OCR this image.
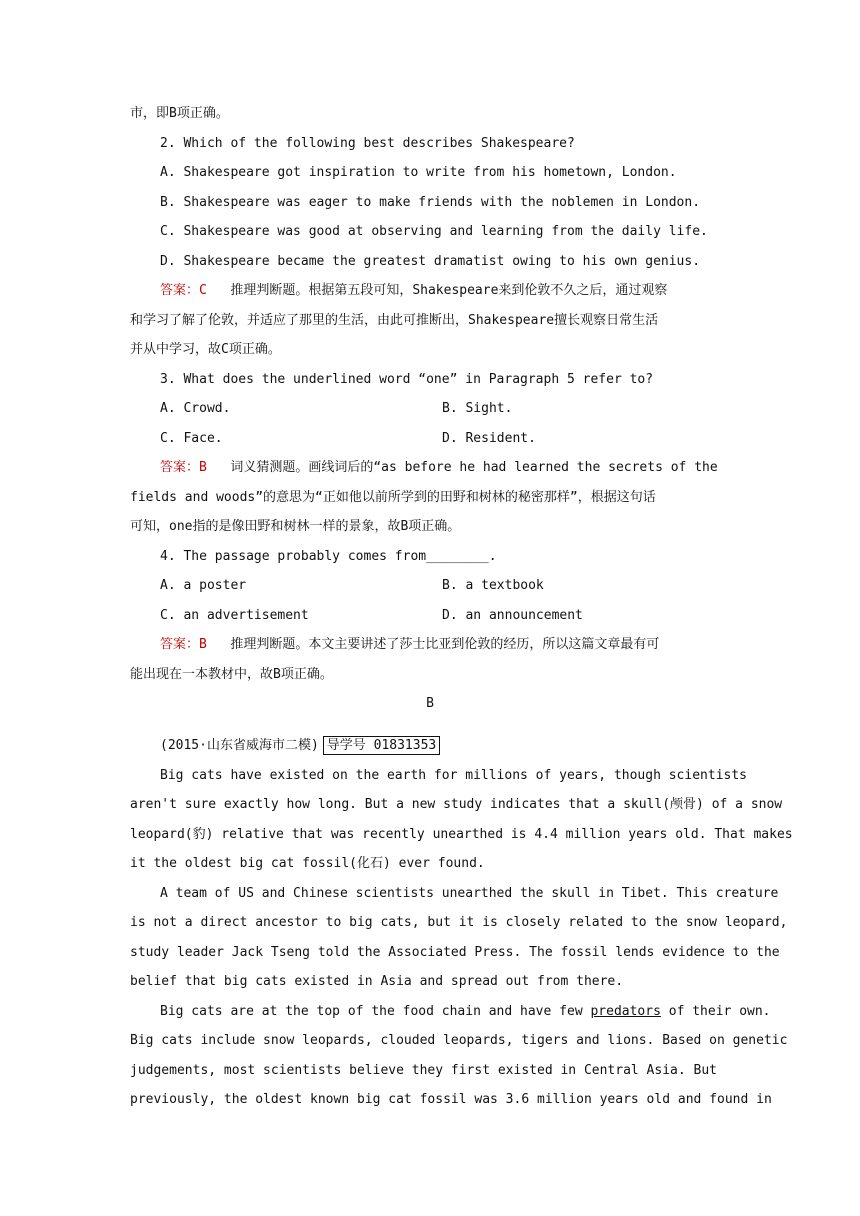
市，即B项正确。
2. Which of the following best describes Shakespeare?
A. Shakespeare got inspiration to write from his hometown, London.
B. Shakespeare was eager to make friends with the noblemen in London.
C. Shakespeare was good at observing and learning from the daily life.
D. Shakespeare became the greatest dramatist owing to his own genius.
答案：C 推理判断题。根据第五段可知，Shakespeare来到伦敦不久之后，通过观察
和学习了解了伦敦，并适应了那里的生活，由此可推断出，Shakespeare擅长观察日常生活
并从中学习，故C项正确。
3. What does the underlined word “one” in Paragraph 5 refer to?
A. Crowd.	B. Sight.
C. Face.	D. Resident.
答案：B 词义猜测题。画线词后的“as before he had learned the secrets of the
fields and woods”的意思为“正如他以前所学到的田野和树林的秘密那样”，根据这句话
可知，one指的是像田野和树林一样的景象，故B项正确。
4. The passage probably comes from________.
A. a poster	B. a textbook
C. an advertisement	D. an announcement
答案：B 推理判断题。本文主要讲述了莎士比亚到伦敦的经历，所以这篇文章最有可
能出现在一本教材中，故B项正确。
B
(2015·山东省威海市二模) 导学号 01831353
Big cats have existed on the earth for millions of years, though scientists
aren't sure exactly how long. But a new study indicates that a skull(颅骨) of a snow
leopard(豹) relative that was recently unearthed is 4.4 million years old. That makes
it the oldest big cat fossil(化石) ever found.
A team of US and Chinese scientists unearthed the skull in Tibet. This creature
is not a direct ancestor to big cats, but it is closely related to the snow leopard,
study leader Jack Tseng told the Associated Press. The fossil lends evidence to the
belief that big cats existed in Asia and spread out from there.
Big cats are at the top of the food chain and have few predators of their own.
Big cats include snow leopards, clouded leopards, tigers and lions. Based on genetic
judgements, most scientists believe they first existed in Central Asia. But
previously, the oldest known big cat fossil was 3.6 million years old and found in
